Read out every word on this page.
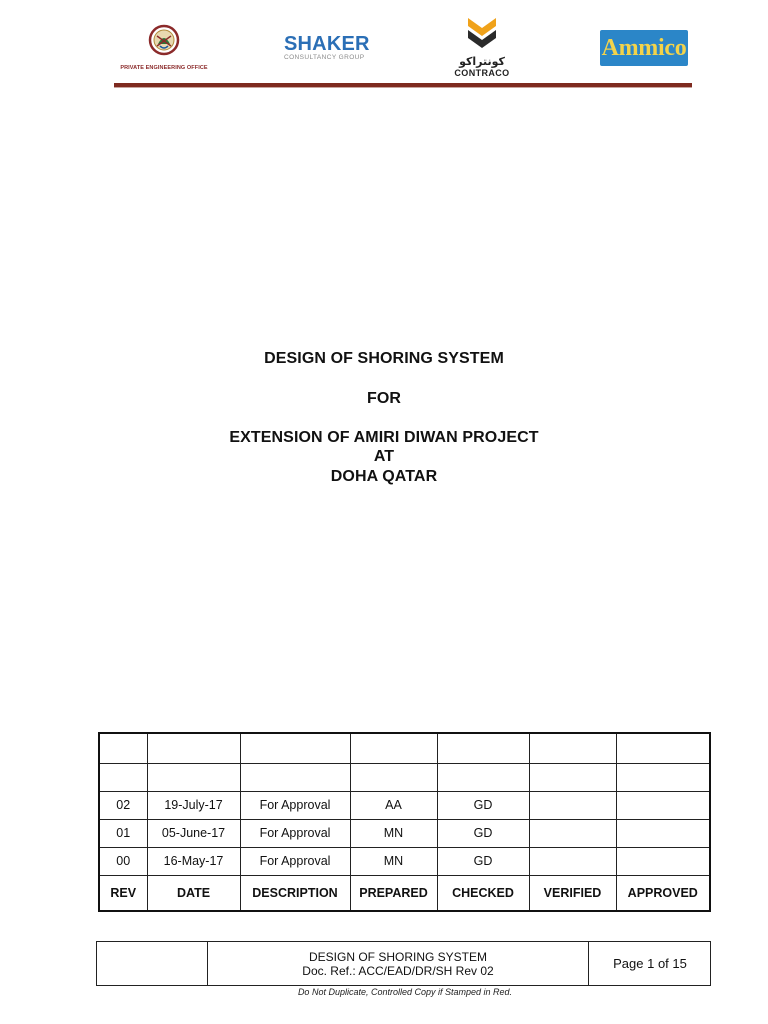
PRIVATE ENGINEERING OFFICE
SHAKER
CONSULTANCY GROUP	كونتراكو
CONTRACO
Ammico
DESIGN OF SHORING SYSTEM
FOR
EXTENSION OF AMIRI DIWAN PROJECT
AT
DOHA QATAR

02	19-July-17	For Approval	AA	GD		
01	05-June-17	For Approval	MN	GD		
00	16-May-17	For Approval	MN	GD		
REV	DATE	DESCRIPTION	PREPARED	CHECKED	VERIFIED	APPROVED
DESIGN OF SHORING SYSTEM
Doc. Ref.: ACC/EAD/DR/SH Rev 02	Page 1 of 15
Do Not Duplicate, Controlled Copy if Stamped in Red.
